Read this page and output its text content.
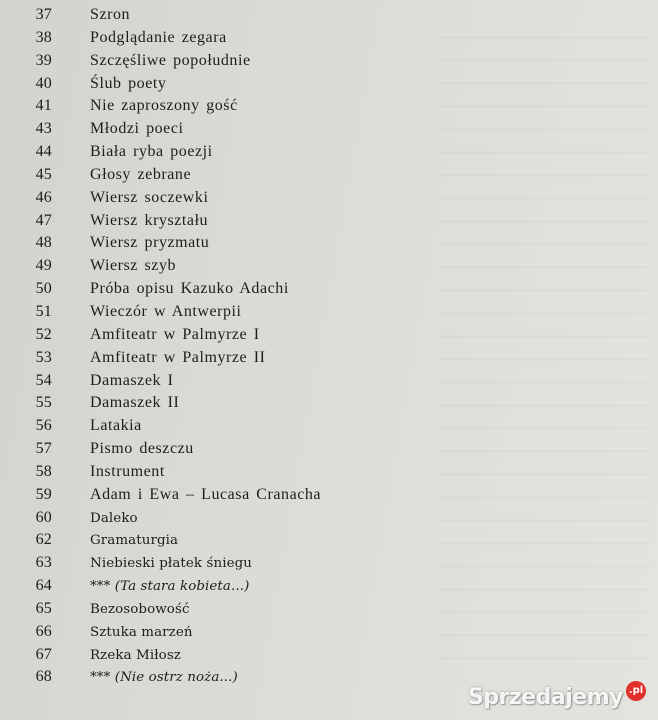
37	Szron
38	Podglądanie zegara
39	Szczęśliwe popołudnie
40	Ślub poety
41	Nie zaproszony gość
43	Młodzi poeci
44	Biała ryba poezji
45	Głosy zebrane
46	Wiersz soczewki
47	Wiersz kryształu
48	Wiersz pryzmatu
49	Wiersz szyb
50	Próba opisu Kazuko Adachi
51	Wieczór w Antwerpii
52	Amfiteatr w Palmyrze I
53	Amfiteatr w Palmyrze II
54	Damaszek I
55	Damaszek II
56	Latakia
57	Pismo deszczu
58	Instrument
59	Adam i Ewa – Lucasa Cranacha
60	Daleko
62	Gramaturgia
63	Niebieski płatek śniegu
64	*** (Ta stara kobieta...)
65	Bezosobowość
66	Sztuka marzeń
67	Rzeka Miłosz
68	*** (Nie ostrz noża...)
Sprzedajemy .pl
